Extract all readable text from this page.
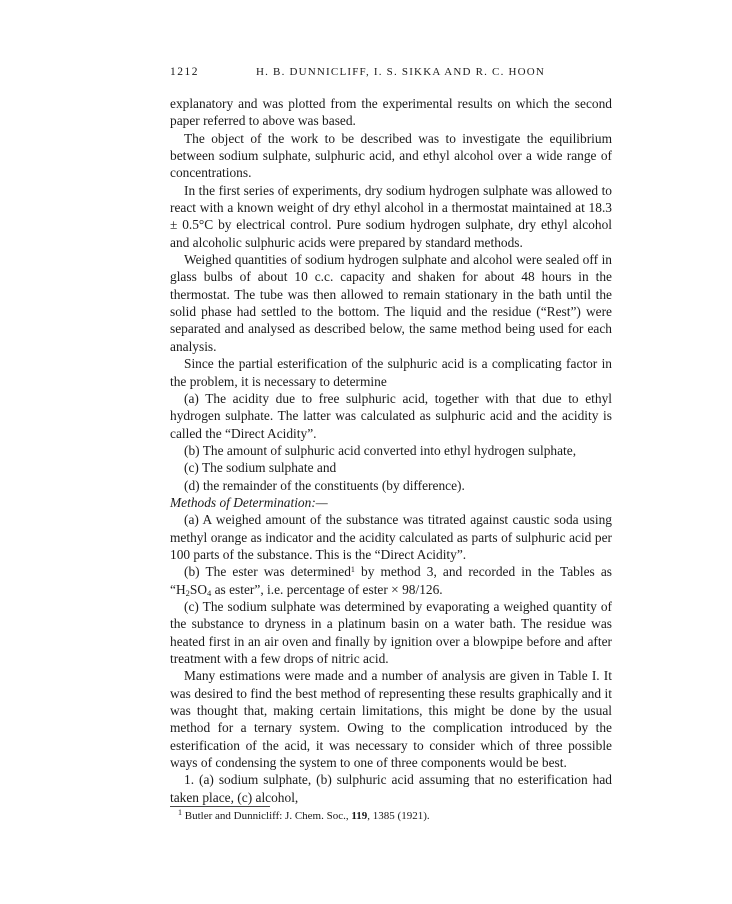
1212	H. B. DUNNICLIFF, I. S. SIKKA AND R. C. HOON

explanatory and was plotted from the experimental results on which the second paper referred to above was based.

The object of the work to be described was to investigate the equilibrium between sodium sulphate, sulphuric acid, and ethyl alcohol over a wide range of concentrations.

In the first series of experiments, dry sodium hydrogen sulphate was allowed to react with a known weight of dry ethyl alcohol in a thermostat maintained at 18.3 ± 0.5°C by electrical control. Pure sodium hydrogen sulphate, dry ethyl alcohol and alcoholic sulphuric acids were prepared by standard methods.

Weighed quantities of sodium hydrogen sulphate and alcohol were sealed off in glass bulbs of about 10 c.c. capacity and shaken for about 48 hours in the thermostat. The tube was then allowed to remain stationary in the bath until the solid phase had settled to the bottom. The liquid and the residue (“Rest”) were separated and analysed as described below, the same method being used for each analysis.

Since the partial esterification of the sulphuric acid is a complicating factor in the problem, it is necessary to determine

(a) The acidity due to free sulphuric acid, together with that due to ethyl hydrogen sulphate. The latter was calculated as sulphuric acid and the acidity is called the “Direct Acidity”.

(b) The amount of sulphuric acid converted into ethyl hydrogen sulphate,

(c) The sodium sulphate and

(d) the remainder of the constituents (by difference).

Methods of Determination:—

(a) A weighed amount of the substance was titrated against caustic soda using methyl orange as indicator and the acidity calculated as parts of sulphuric acid per 100 parts of the substance. This is the “Direct Acidity”.

(b) The ester was determined$^1$ by method 3, and recorded in the Tables as “$H_2SO_4$ as ester”, i.e. percentage of ester × 98/126.

(c) The sodium sulphate was determined by evaporating a weighed quantity of the substance to dryness in a platinum basin on a water bath. The residue was heated first in an air oven and finally by ignition over a blowpipe before and after treatment with a few drops of nitric acid.

Many estimations were made and a number of analysis are given in Table I. It was desired to find the best method of representing these results graphically and it was thought that, making certain limitations, this might be done by the usual method for a ternary system. Owing to the complication introduced by the esterification of the acid, it was necessary to consider which of three possible ways of condensing the system to one of three components would be best.

1. (a) sodium sulphate, (b) sulphuric acid assuming that no esterification had taken place, (c) alcohol,

$^1$ Butler and Dunnicliff: J. Chem. Soc., 119, 1385 (1921).
